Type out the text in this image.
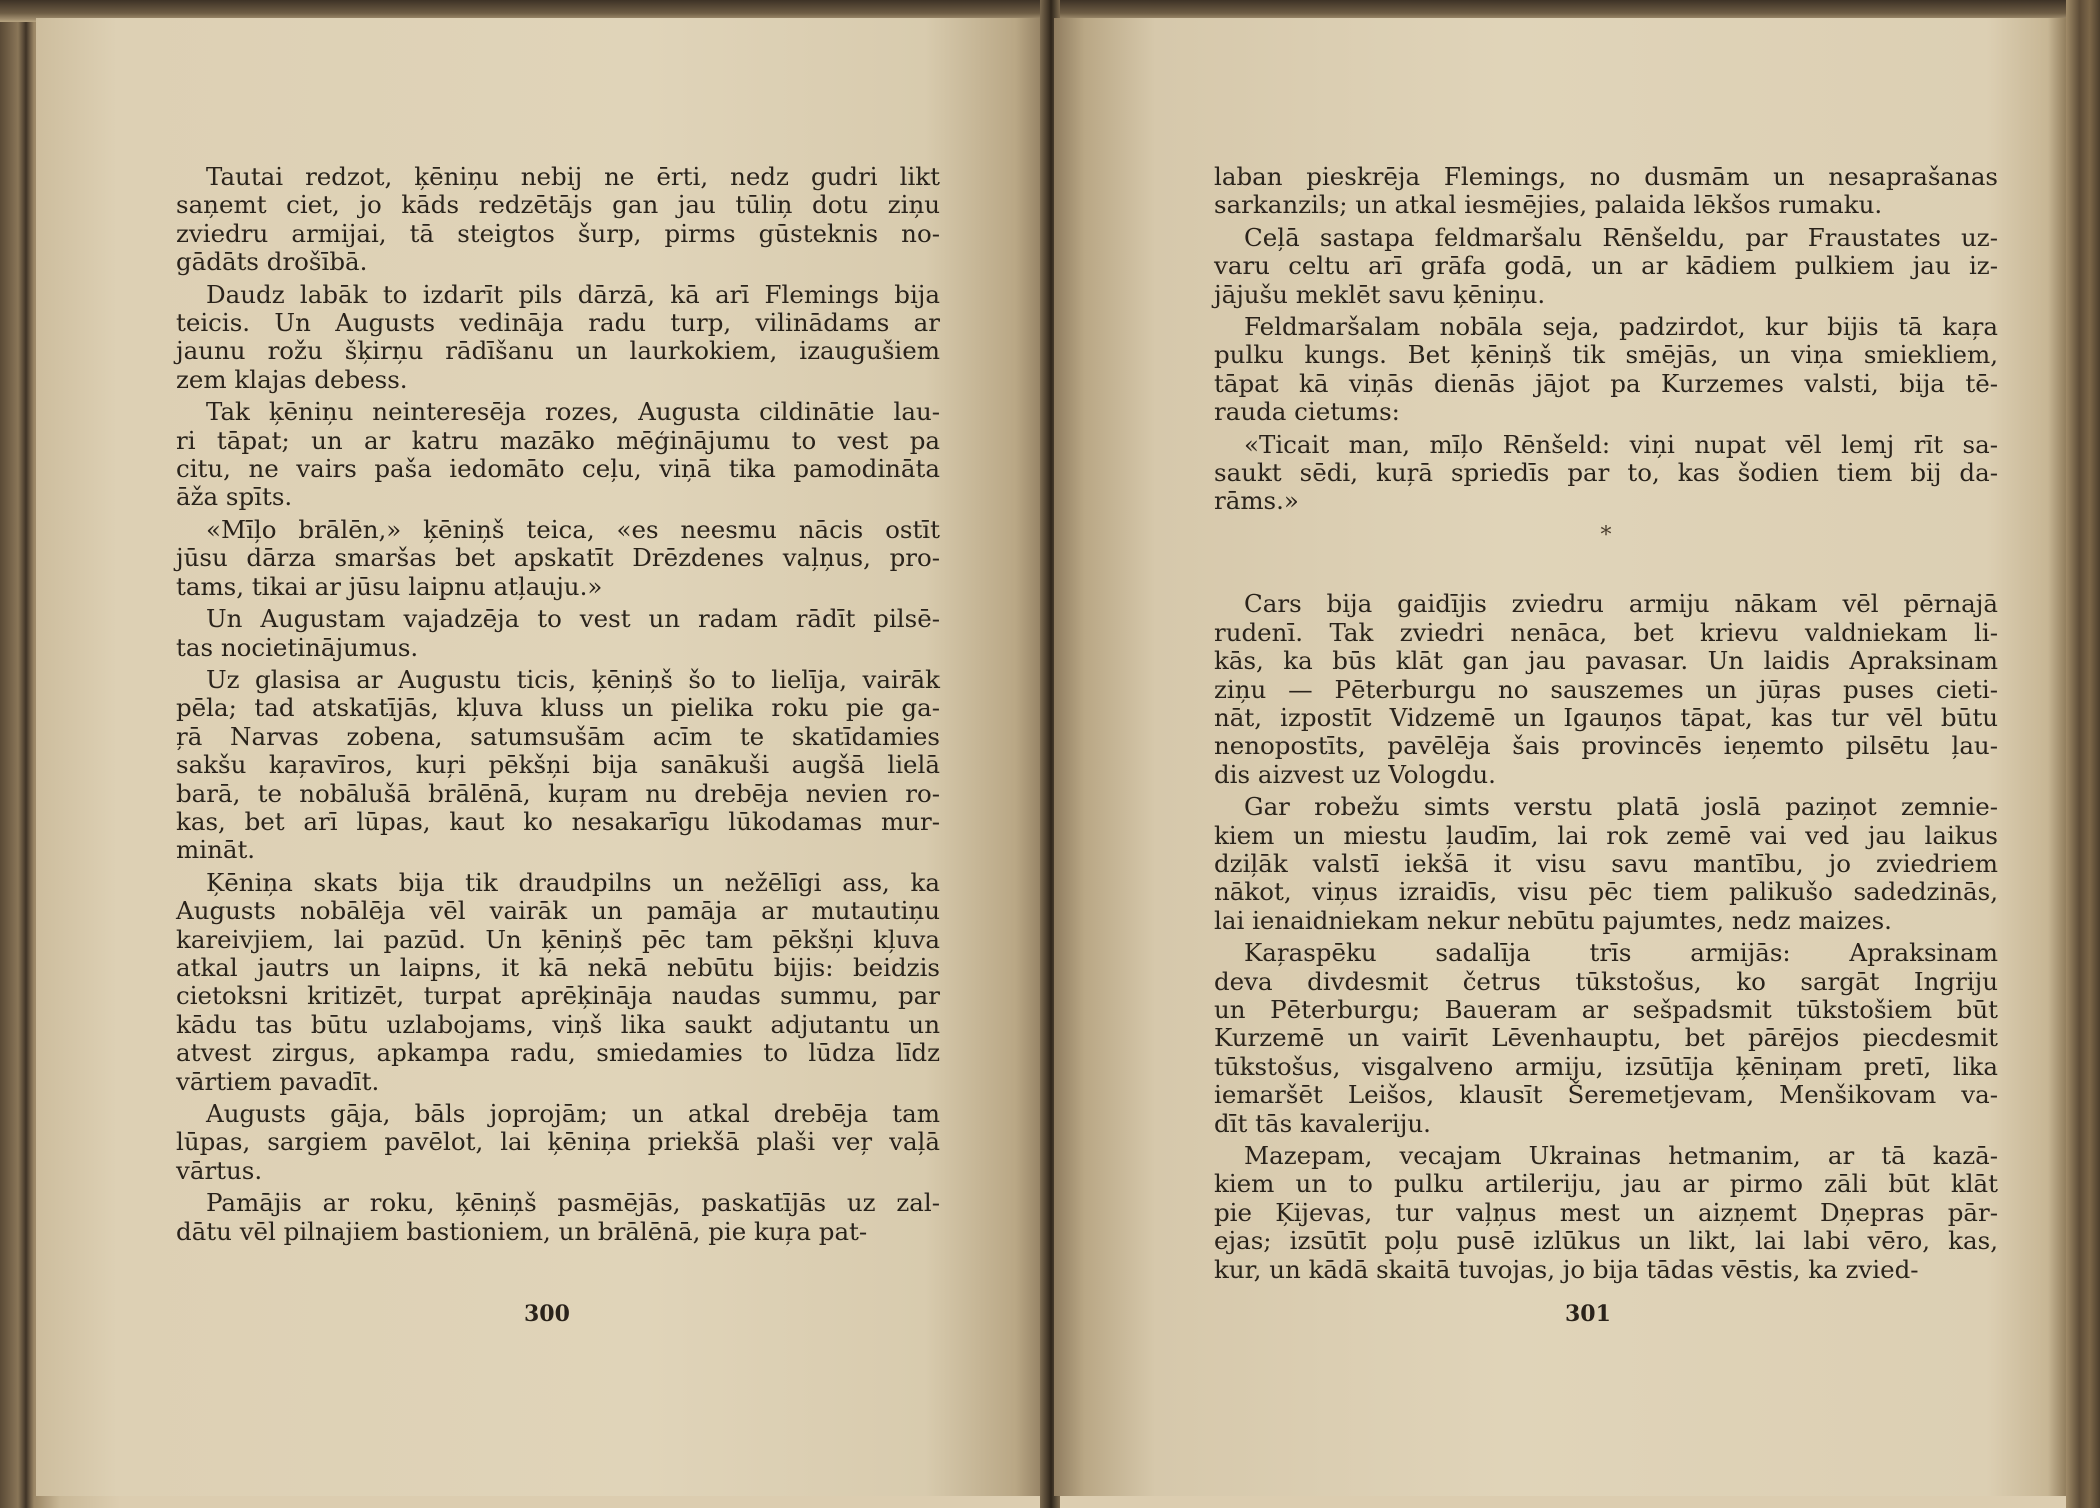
Tautai redzot, ķēniņu nebij ne ērti, nedz gudri likt
saņemt ciet, jo kāds redzētājs gan jau tūliņ dotu ziņu
zviedru armijai, tā steigtos šurp, pirms gūsteknis no-
gādāts drošībā.

Daudz labāk to izdarīt pils dārzā, kā arī Flemings bija
teicis. Un Augusts vedināja radu turp, vilinādams ar
jaunu rožu šķirņu rādīšanu un laurkokiem, izaugušiem
zem klajas debess.

Tak ķēniņu neinteresēja rozes, Augusta cildinātie lau-
ri tāpat; un ar katru mazāko mēģinājumu to vest pa
citu, ne vairs paša iedomāto ceļu, viņā tika pamodināta
āža spīts.

«Mīļo brālēn,» ķēniņš teica, «es neesmu nācis ostīt
jūsu dārza smaršas bet apskatīt Drēzdenes vaļņus, pro-
tams, tikai ar jūsu laipnu atļauju.»

Un Augustam vajadzēja to vest un radam rādīt pilsē-
tas nocietinājumus.

Uz glasisa ar Augustu ticis, ķēniņš šo to lielīja, vairāk
pēla; tad atskatījās, kļuva kluss un pielika roku pie ga-
ŗā Narvas zobena, satumsušām acīm te skatīdamies
sakšu kaŗavīros, kuŗi pēkšņi bija sanākuši augšā lielā
barā, te nobālušā brālēnā, kuŗam nu drebēja nevien ro-
kas, bet arī lūpas, kaut ko nesakarīgu lūkodamas mur-
mināt.

Ķēniņa skats bija tik draudpilns un nežēlīgi ass, ka
Augusts nobālēja vēl vairāk un pamāja ar mutautiņu
kareivjiem, lai pazūd. Un ķēniņš pēc tam pēkšņi kļuva
atkal jautrs un laipns, it kā nekā nebūtu bijis: beidzis
cietoksni kritizēt, turpat aprēķināja naudas summu, par
kādu tas būtu uzlabojams, viņš lika saukt adjutantu un
atvest zirgus, apkampa radu, smiedamies to lūdza līdz
vārtiem pavadīt.

Augusts gāja, bāls joprojām; un atkal drebēja tam
lūpas, sargiem pavēlot, lai ķēniņa priekšā plaši veŗ vaļā
vārtus.

Pamājis ar roku, ķēniņš pasmējās, paskatījās uz zal-
dātu vēl pilnajiem bastioniem, un brālēnā, pie kuŗa pat-

300

laban pieskrēja Flemings, no dusmām un nesaprašanas
sarkanzils; un atkal iesmējies, palaida lēkšos rumaku.

Ceļā sastapa feldmaršalu Rēnšeldu, par Fraustates uz-
varu celtu arī grāfa godā, un ar kādiem pulkiem jau iz-
jājušu meklēt savu ķēniņu.

Feldmaršalam nobāla seja, padzirdot, kur bijis tā kaŗa
pulku kungs. Bet ķēniņš tik smējās, un viņa smiekliem,
tāpat kā viņās dienās jājot pa Kurzemes valsti, bija tē-
rauda cietums:

«Ticait man, mīļo Rēnšeld: viņi nupat vēl lemj rīt sa-
saukt sēdi, kuŗā spriedīs par to, kas šodien tiem bij da-
rāms.»

*

Cars bija gaidījis zviedru armiju nākam vēl pērnajā
rudenī. Tak zviedri nenāca, bet krievu valdniekam li-
kās, ka būs klāt gan jau pavasar. Un laidis Apraksinam
ziņu — Pēterburgu no sauszemes un jūŗas puses cieti-
nāt, izpostīt Vidzemē un Igauņos tāpat, kas tur vēl būtu
nenopostīts, pavēlēja šais provincēs ieņemto pilsētu ļau-
dis aizvest uz Vologdu.

Gar robežu simts verstu platā joslā paziņot zemnie-
kiem un miestu ļaudīm, lai rok zemē vai ved jau laikus
dziļāk valstī iekšā it visu savu mantību, jo zviedriem
nākot, viņus izraidīs, visu pēc tiem palikušo sadedzinās,
lai ienaidniekam nekur nebūtu pajumtes, nedz maizes.

Kaŗaspēku sadalīja trīs armijās: Apraksinam
deva divdesmit četrus tūkstošus, ko sargāt Ingriju
un Pēterburgu; Baueram ar sešpadsmit tūkstošiem būt
Kurzemē un vairīt Lēvenhauptu, bet pārējos piecdesmit
tūkstošus, visgalveno armiju, izsūtīja ķēniņam pretī, lika
iemaršēt Leišos, klausīt Šeremetjevam, Menšikovam va-
dīt tās kavaleriju.

Mazepam, vecajam Ukrainas hetmanim, ar tā kazā-
kiem un to pulku artileriju, jau ar pirmo zāli būt klāt
pie Ķijevas, tur vaļņus mest un aizņemt Dņepras pār-
ejas; izsūtīt poļu pusē izlūkus un likt, lai labi vēro, kas,
kur, un kādā skaitā tuvojas, jo bija tādas vēstis, ka zvied-

301
